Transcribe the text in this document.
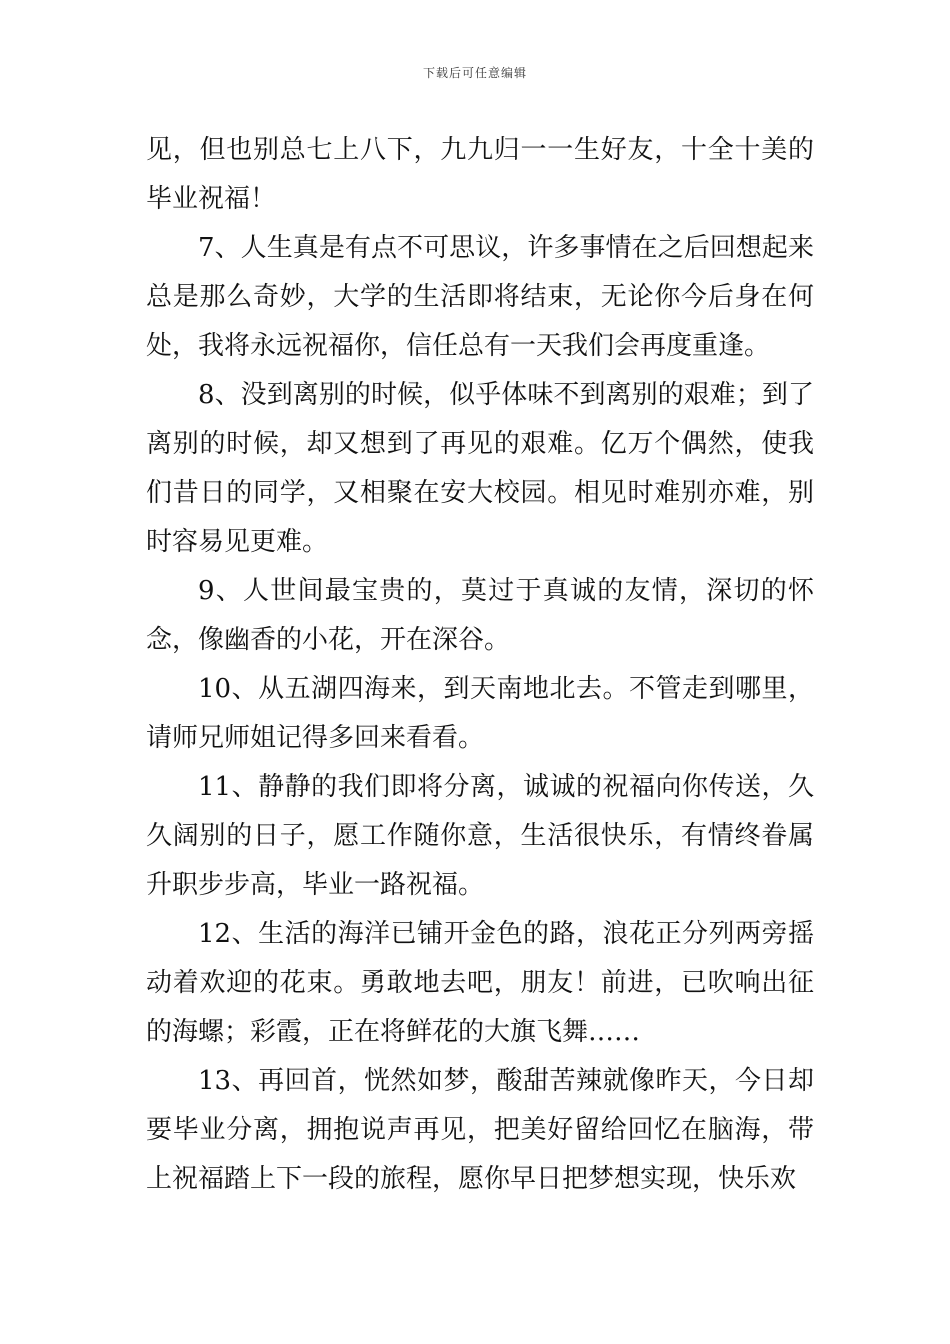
下载后可任意编辑

见，但也别总七上八下，九九归一一生好友，十全十美的毕业祝福！

7、人生真是有点不可思议，许多事情在之后回想起来总是那么奇妙，大学的生活即将结束，无论你今后身在何处，我将永远祝福你，信任总有一天我们会再度重逢。

8、没到离别的时候，似乎体味不到离别的艰难；到了离别的时候，却又想到了再见的艰难。亿万个偶然，使我们昔日的同学，又相聚在安大校园。相见时难别亦难，别时容易见更难。

9、人世间最宝贵的，莫过于真诚的友情，深切的怀念，像幽香的小花，开在深谷。

10、从五湖四海来，到天南地北去。不管走到哪里，请师兄师姐记得多回来看看。

11、静静的我们即将分离，诚诚的祝福向你传送，久久阔别的日子，愿工作随你意，生活很快乐，有情终眷属升职步步高，毕业一路祝福。

12、生活的海洋已铺开金色的路，浪花正分列两旁摇动着欢迎的花束。勇敢地去吧，朋友！前进，已吹响出征的海螺；彩霞，正在将鲜花的大旗飞舞……

13、再回首，恍然如梦，酸甜苦辣就像昨天，今日却要毕业分离，拥抱说声再见，把美好留给回忆在脑海，带上祝福踏上下一段的旅程，愿你早日把梦想实现，快乐欢
